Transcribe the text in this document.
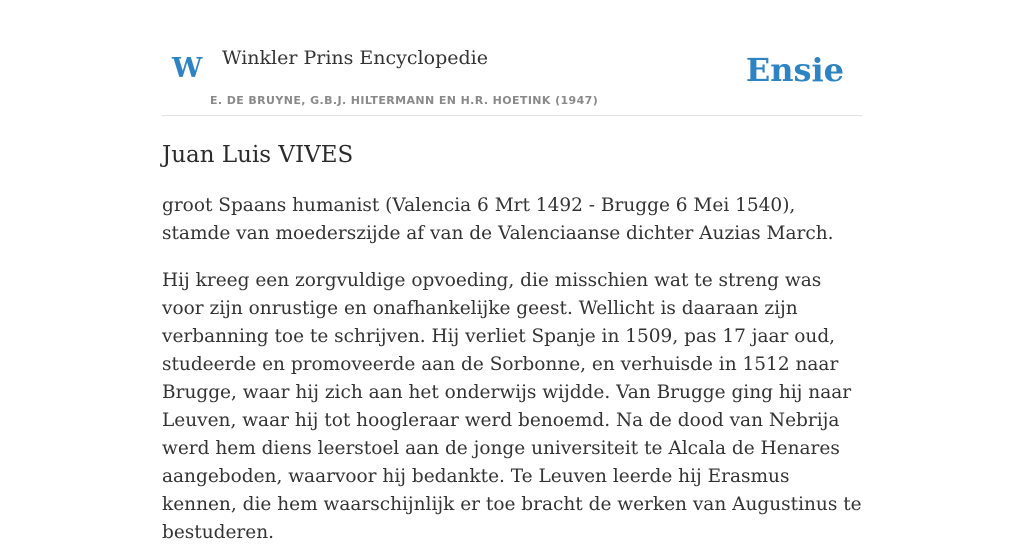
W Winkler Prins Encyclopedie	Ensie
E. DE BRUYNE, G.B.J. HILTERMANN EN H.R. HOETINK (1947)
Juan Luis VIVES

groot Spaans humanist (Valencia 6 Mrt 1492 - Brugge 6 Mei 1540), stamde van moederszijde af van de Valenciaanse dichter Auzias March.

Hij kreeg een zorgvuldige opvoeding, die misschien wat te streng was voor zijn onrustige en onafhankelijke geest. Wellicht is daaraan zijn verbanning toe te schrijven. Hij verliet Spanje in 1509, pas 17 jaar oud, studeerde en promoveerde aan de Sorbonne, en verhuisde in 1512 naar Brugge, waar hij zich aan het onderwijs wijdde. Van Brugge ging hij naar Leuven, waar hij tot hoogleraar werd benoemd. Na de dood van Nebrija werd hem diens leerstoel aan de jonge universiteit te Alcala de Henares aangeboden, waarvoor hij bedankte. Te Leuven leerde hij Erasmus kennen, die hem waarschijnlijk er toe bracht de werken van Augustinus te bestuderen.
